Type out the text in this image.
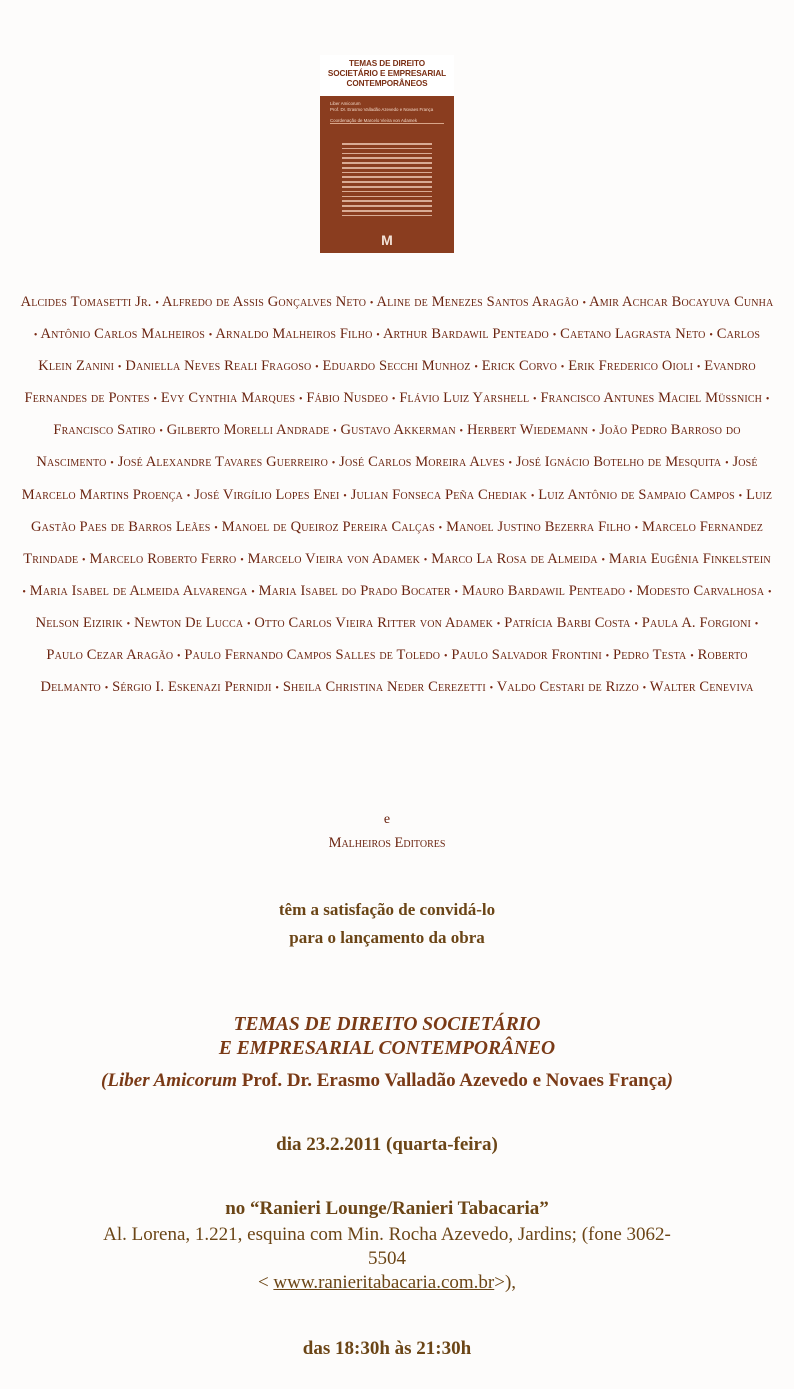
TEMAS DE DIREITO
SOCIETÁRIO E EMPRESARIAL
CONTEMPORÂNEOS
Liber Amicorum
Prof. Dr. Erasmo Valladão Azevedo e Novaes França
Coordenação de Marcelo Vieira von Adamek
M
Alcides Tomasetti Jr. • Alfredo de Assis Gonçalves Neto • Aline de Menezes Santos Aragão • Amir Achcar Bocayuva Cunha • Antônio Carlos Malheiros • Arnaldo Malheiros Filho • Arthur Bardawil Penteado • Caetano Lagrasta Neto • Carlos Klein Zanini • Daniella Neves Reali Fragoso • Eduardo Secchi Munhoz • Erick Corvo • Erik Frederico Oioli • Evandro Fernandes de Pontes • Evy Cynthia Marques • Fábio Nusdeo • Flávio Luiz Yarshell • Francisco Antunes Maciel Müssnich • Francisco Satiro • Gilberto Morelli Andrade • Gustavo Akkerman • Herbert Wiedemann • João Pedro Barroso do Nascimento • José Alexandre Tavares Guerreiro • José Carlos Moreira Alves • José Ignácio Botelho de Mesquita • José Marcelo Martins Proença • José Virgílio Lopes Enei • Julian Fonseca Peña Chediak • Luiz Antônio de Sampaio Campos • Luiz Gastão Paes de Barros Leães • Manoel de Queiroz Pereira Calças • Manoel Justino Bezerra Filho • Marcelo Fernandez Trindade • Marcelo Roberto Ferro • Marcelo Vieira von Adamek • Marco La Rosa de Almeida • Maria Eugênia Finkelstein • Maria Isabel de Almeida Alvarenga • Maria Isabel do Prado Bocater • Mauro Bardawil Penteado • Modesto Carvalhosa • Nelson Eizirik • Newton De Lucca • Otto Carlos Vieira Ritter von Adamek • Patrícia Barbi Costa • Paula A. Forgioni • Paulo Cezar Aragão • Paulo Fernando Campos Salles de Toledo • Paulo Salvador Frontini • Pedro Testa • Roberto Delmanto • Sérgio I. Eskenazi Pernidji • Sheila Christina Neder Cerezetti • Valdo Cestari de Rizzo • Walter Ceneviva
e
Malheiros Editores
têm a satisfação de convidá-lo
para o lançamento da obra
TEMAS DE DIREITO SOCIETÁRIO
E EMPRESARIAL CONTEMPORÂNEO
(Liber Amicorum Prof. Dr. Erasmo Valladão Azevedo e Novaes França)
dia 23.2.2011 (quarta-feira)
no “Ranieri Lounge/Ranieri Tabacaria”
Al. Lorena, 1.221, esquina com Min. Rocha Azevedo, Jardins; (fone 3062-5504
< www.ranieritabacaria.com.br>),
das 18:30h às 21:30h
